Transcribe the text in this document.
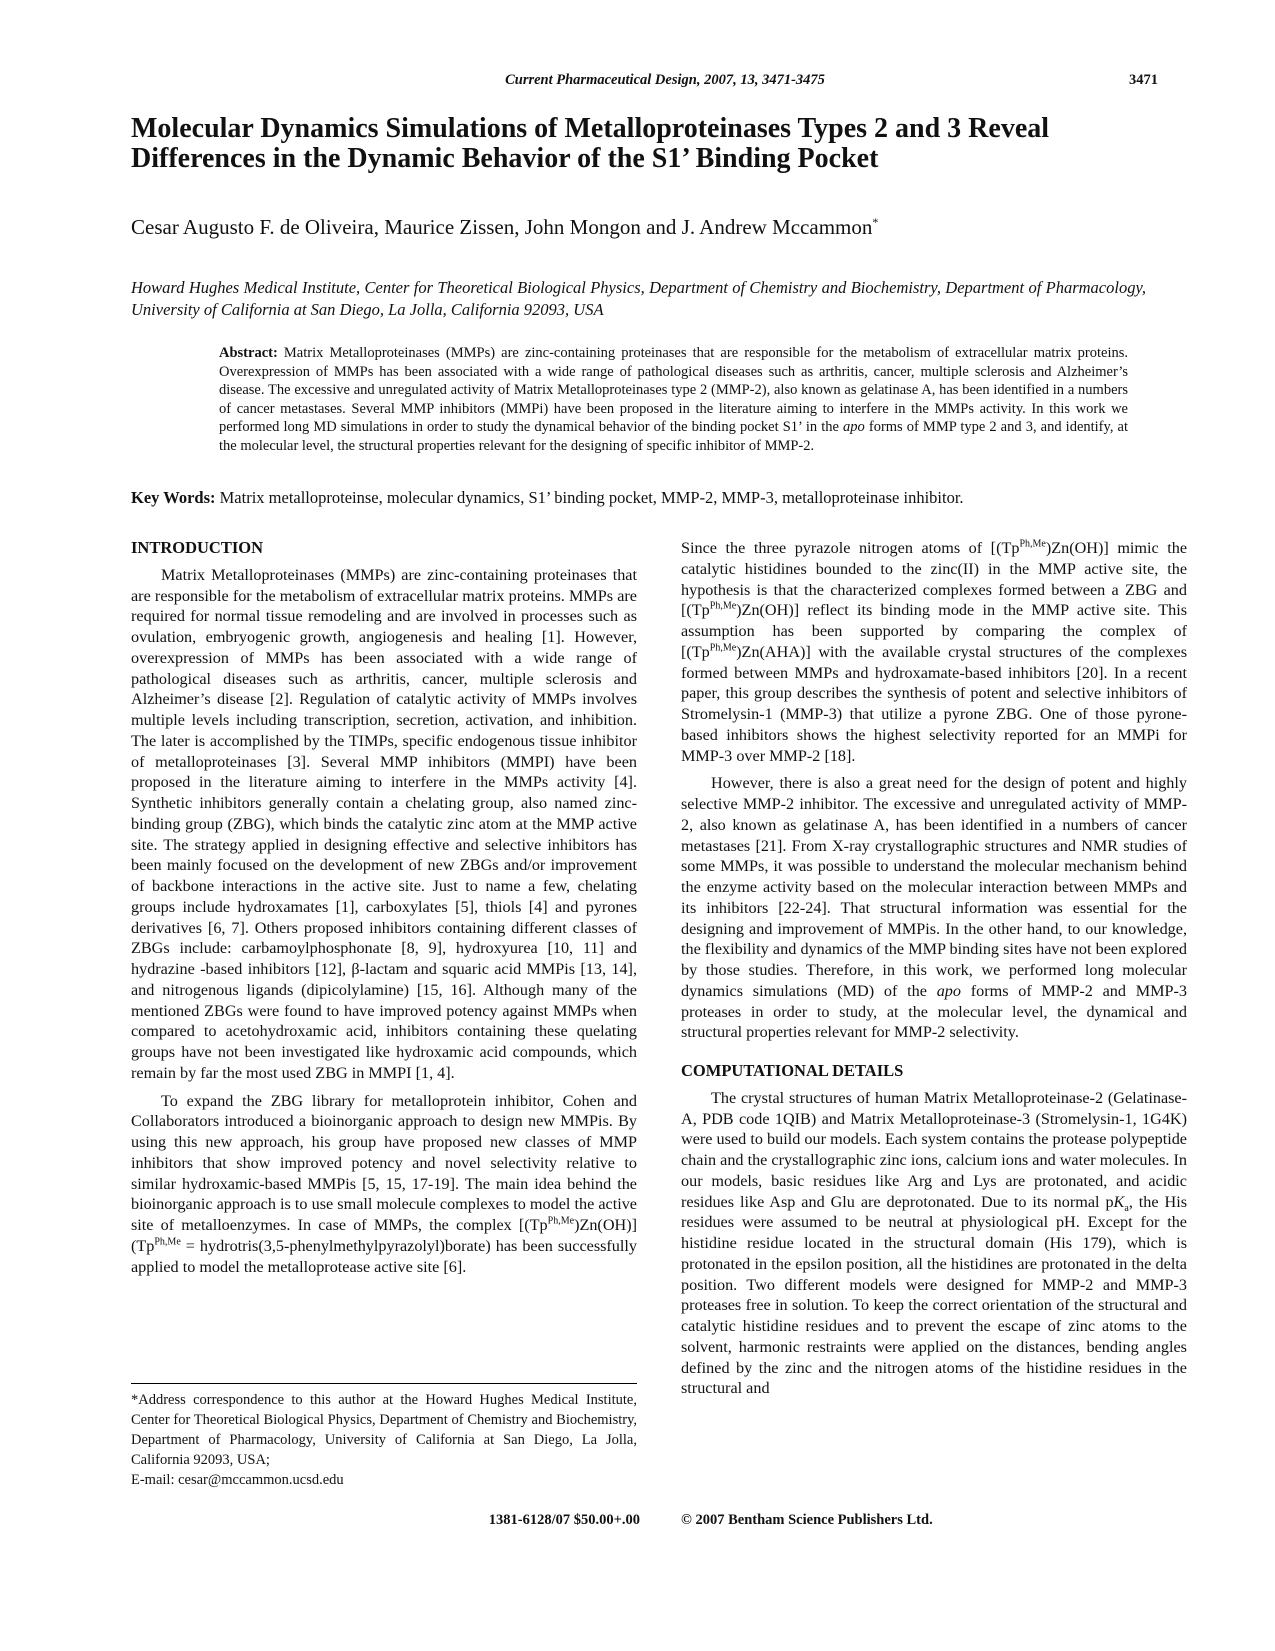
Current Pharmaceutical Design, 2007, 13, 3471-3475	3471
Molecular Dynamics Simulations of Metalloproteinases Types 2 and 3 Reveal
Differences in the Dynamic Behavior of the S1’ Binding Pocket
Cesar Augusto F. de Oliveira, Maurice Zissen, John Mongon and J. Andrew Mccammon*
Howard Hughes Medical Institute, Center for Theoretical Biological Physics, Department of Chemistry and Biochemistry, Department of Pharmacology, University of California at San Diego, La Jolla, California 92093, USA
Abstract: Matrix Metalloproteinases (MMPs) are zinc-containing proteinases that are responsible for the metabolism of extracellular matrix proteins. Overexpression of MMPs has been associated with a wide range of pathological diseases such as arthritis, cancer, multiple sclerosis and Alzheimer’s disease. The excessive and unregulated activity of Matrix Metalloproteinases type 2 (MMP-2), also known as gelatinase A, has been identified in a numbers of cancer metastases. Several MMP inhibitors (MMPi) have been proposed in the literature aiming to interfere in the MMPs activity. In this work we performed long MD simulations in order to study the dynamical behavior of the binding pocket S1’ in the apo forms of MMP type 2 and 3, and identify, at the molecular level, the structural properties relevant for the designing of specific inhibitor of MMP-2.
Key Words: Matrix metalloproteinse, molecular dynamics, S1’ binding pocket, MMP-2, MMP-3, metalloproteinase inhibitor.
INTRODUCTION

Matrix Metalloproteinases (MMPs) are zinc-containing proteinases that are responsible for the metabolism of extracellular matrix proteins. MMPs are required for normal tissue remodeling and are involved in processes such as ovulation, embryogenic growth, angiogenesis and healing [1]. However, overexpression of MMPs has been associated with a wide range of pathological diseases such as arthritis, cancer, multiple sclerosis and Alzheimer’s disease [2]. Regulation of catalytic activity of MMPs involves multiple levels including transcription, secretion, activation, and inhibition. The later is accomplished by the TIMPs, specific endogenous tissue inhibitor of metalloproteinases [3]. Several MMP inhibitors (MMPI) have been proposed in the literature aiming to interfere in the MMPs activity [4]. Synthetic inhibitors generally contain a chelating group, also named zinc-binding group (ZBG), which binds the catalytic zinc atom at the MMP active site. The strategy applied in designing effective and selective inhibitors has been mainly focused on the development of new ZBGs and/or improvement of backbone interactions in the active site. Just to name a few, chelating groups include hydroxamates [1], carboxylates [5], thiols [4] and pyrones derivatives [6, 7]. Others proposed inhibitors containing different classes of ZBGs include: carbamoylphosphonate [8, 9], hydroxyurea [10, 11] and hydrazine -based inhibitors [12], β-lactam and squaric acid MMPis [13, 14], and nitrogenous ligands (dipicolylamine) [15, 16]. Although many of the mentioned ZBGs were found to have improved potency against MMPs when compared to acetohydroxamic acid, inhibitors containing these quelating groups have not been investigated like hydroxamic acid compounds, which remain by far the most used ZBG in MMPI [1, 4].

To expand the ZBG library for metalloprotein inhibitor, Cohen and Collaborators introduced a bioinorganic approach to design new MMPis. By using this new approach, his group have proposed new classes of MMP inhibitors that show improved potency and novel selectivity relative to similar hydroxamic-based MMPis [5, 15, 17-19]. The main idea behind the bioinorganic approach is to use small molecule complexes to model the active site of metalloenzymes. In case of MMPs, the complex $[(Tp^{Ph,Me})Zn(OH)] (Tp^{Ph,Me}$ = hydrotris(3,5-phenylmethylpyrazolyl)borate) has been successfully applied to model the metalloprotease active site [6].

Since the three pyrazole nitrogen atoms of $[(Tp^{Ph,Me})Zn(OH)]$ mimic the catalytic histidines bounded to the zinc(II) in the MMP active site, the hypothesis is that the characterized complexes formed between a ZBG and $[(Tp^{Ph,Me})Zn(OH)]$ reflect its binding mode in the MMP active site. This assumption has been supported by comparing the complex of $[(Tp^{Ph,Me})Zn(AHA)]$ with the available crystal structures of the complexes formed between MMPs and hydroxamate-based inhibitors [20]. In a recent paper, this group describes the synthesis of potent and selective inhibitors of Stromelysin-1 (MMP-3) that utilize a pyrone ZBG. One of those pyrone-based inhibitors shows the highest selectivity reported for an MMPi for MMP-3 over MMP-2 [18].

However, there is also a great need for the design of potent and highly selective MMP-2 inhibitor. The excessive and unregulated activity of MMP-2, also known as gelatinase A, has been identified in a numbers of cancer metastases [21]. From X-ray crystallographic structures and NMR studies of some MMPs, it was possible to understand the molecular mechanism behind the enzyme activity based on the molecular interaction between MMPs and its inhibitors [22-24]. That structural information was essential for the designing and improvement of MMPis. In the other hand, to our knowledge, the flexibility and dynamics of the MMP binding sites have not been explored by those studies. Therefore, in this work, we performed long molecular dynamics simulations (MD) of the apo forms of MMP-2 and MMP-3 proteases in order to study, at the molecular level, the dynamical and structural properties relevant for MMP-2 selectivity.

COMPUTATIONAL DETAILS

The crystal structures of human Matrix Metalloproteinase-2 (Gelatinase-A, PDB code 1QIB) and Matrix Metalloproteinase-3 (Stromelysin-1, 1G4K) were used to build our models. Each system contains the protease polypeptide chain and the crystallographic zinc ions, calcium ions and water molecules. In our models, basic residues like Arg and Lys are protonated, and acidic residues like Asp and Glu are deprotonated. Due to its normal $pK_a$, the His residues were assumed to be neutral at physiological pH. Except for the histidine residue located in the structural domain (His 179), which is protonated in the epsilon position, all the histidines are protonated in the delta position. Two different models were designed for MMP-2 and MMP-3 proteases free in solution. To keep the correct orientation of the structural and catalytic histidine residues and to prevent the escape of zinc atoms to the solvent, harmonic restraints were applied on the distances, bending angles defined by the zinc and the nitrogen atoms of the histidine residues in the structural and

*Address correspondence to this author at the Howard Hughes Medical Institute, Center for Theoretical Biological Physics, Department of Chemistry and Biochemistry, Department of Pharmacology, University of California at San Diego, La Jolla, California 92093, USA;
E-mail: cesar@mccammon.ucsd.edu
1381-6128/07 $50.00+.00	© 2007 Bentham Science Publishers Ltd.
